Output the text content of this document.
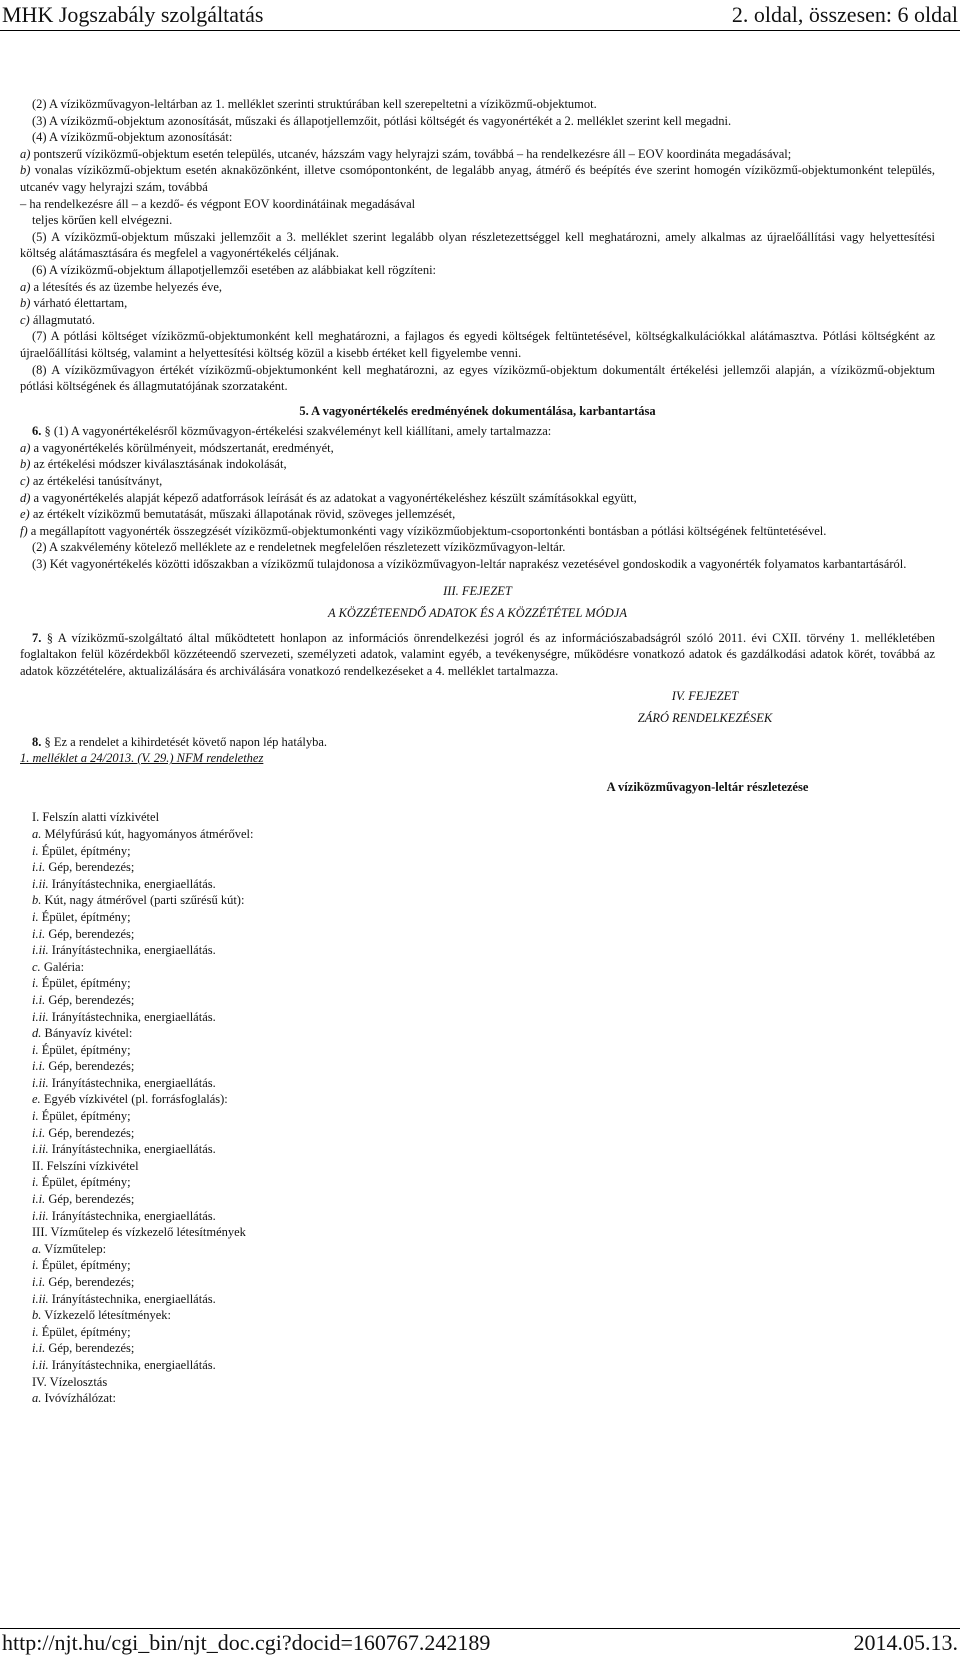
MHK Jogszabály szolgáltatás	2. oldal, összesen: 6 oldal

(2) A víziközművagyon-leltárban az 1. melléklet szerinti struktúrában kell szerepeltetni a víziközmű-objektumot.

(3) A víziközmű-objektum azonosítását, műszaki és állapotjellemzőit, pótlási költségét és vagyonértékét a 2. melléklet szerint kell megadni.

(4) A víziközmű-objektum azonosítását:

a) pontszerű víziközmű-objektum esetén település, utcanév, házszám vagy helyrajzi szám, továbbá – ha rendelkezésre áll – EOV koordináta megadásával;

b) vonalas víziközmű-objektum esetén aknaközönként, illetve csomópontonként, de legalább anyag, átmérő és beépítés éve szerint homogén víziközmű-objektumonként település, utcanév vagy helyrajzi szám, továbbá

– ha rendelkezésre áll – a kezdő- és végpont EOV koordinátáinak megadásával

teljes körűen kell elvégezni.

(5) A víziközmű-objektum műszaki jellemzőit a 3. melléklet szerint legalább olyan részletezettséggel kell meghatározni, amely alkalmas az újraelőállítási vagy helyettesítési költség alátámasztására és megfelel a vagyonértékelés céljának.

(6) A víziközmű-objektum állapotjellemzői esetében az alábbiakat kell rögzíteni:

a) a létesítés és az üzembe helyezés éve,

b) várható élettartam,

c) állagmutató.

(7) A pótlási költséget víziközmű-objektumonként kell meghatározni, a fajlagos és egyedi költségek feltüntetésével, költségkalkulációkkal alátámasztva. Pótlási költségként az újraelőállítási költség, valamint a helyettesítési költség közül a kisebb értéket kell figyelembe venni.

(8) A víziközművagyon értékét víziközmű-objektumonként kell meghatározni, az egyes víziközmű-objektum dokumentált értékelési jellemzői alapján, a víziközmű-objektum pótlási költségének és állagmutatójának szorzataként.

5. A vagyonértékelés eredményének dokumentálása, karbantartása

6. § (1) A vagyonértékelésről közművagyon-értékelési szakvéleményt kell kiállítani, amely tartalmazza:

a) a vagyonértékelés körülményeit, módszertanát, eredményét,

b) az értékelési módszer kiválasztásának indokolását,

c) az értékelési tanúsítványt,

d) a vagyonértékelés alapját képező adatforrások leírását és az adatokat a vagyonértékeléshez készült számításokkal együtt,

e) az értékelt víziközmű bemutatását, műszaki állapotának rövid, szöveges jellemzését,

f) a megállapított vagyonérték összegzését víziközmű-objektumonkénti vagy víziközműobjektum-csoportonkénti bontásban a pótlási költségének feltüntetésével.

(2) A szakvélemény kötelező melléklete az e rendeletnek megfelelően részletezett víziközművagyon-leltár.

(3) Két vagyonértékelés közötti időszakban a víziközmű tulajdonosa a víziközművagyon-leltár naprakész vezetésével gondoskodik a vagyonérték folyamatos karbantartásáról.

III. FEJEZET

A KÖZZÉTEENDŐ ADATOK ÉS A KÖZZÉTÉTEL MÓDJA

7. § A víziközmű-szolgáltató által működtetett honlapon az információs önrendelkezési jogról és az információszabadságról szóló 2011. évi CXII. törvény 1. mellékletében foglaltakon felül közérdekből közzéteendő szervezeti, személyzeti adatok, valamint egyéb, a tevékenységre, működésre vonatkozó adatok és gazdálkodási adatok körét, továbbá az adatok közzétételére, aktualizálására és archiválására vonatkozó rendelkezéseket a 4. melléklet tartalmazza.

8. § Ez a rendelet a kihirdetését követő napon lép hatályba.

1. melléklet a 24/2013. (V. 29.) NFM rendelethez

IV. FEJEZET

ZÁRÓ RENDELKEZÉSEK

A víziközművagyon-leltár részletezése

I. Felszín alatti vízkivétel

a. Mélyfúrású kút, hagyományos átmérővel:

i. Épület, építmény;

i.i. Gép, berendezés;

i.ii. Irányítástechnika, energiaellátás.

b. Kút, nagy átmérővel (parti szűrésű kút):

i. Épület, építmény;

i.i. Gép, berendezés;

i.ii. Irányítástechnika, energiaellátás.

c. Galéria:

i. Épület, építmény;

i.i. Gép, berendezés;

i.ii. Irányítástechnika, energiaellátás.

d. Bányavíz kivétel:

i. Épület, építmény;

i.i. Gép, berendezés;

i.ii. Irányítástechnika, energiaellátás.

e. Egyéb vízkivétel (pl. forrásfoglalás):

i. Épület, építmény;

i.i. Gép, berendezés;

i.ii. Irányítástechnika, energiaellátás.

II. Felszíni vízkivétel

i. Épület, építmény;

i.i. Gép, berendezés;

i.ii. Irányítástechnika, energiaellátás.

III. Vízműtelep és vízkezelő létesítmények

a. Vízműtelep:

i. Épület, építmény;

i.i. Gép, berendezés;

i.ii. Irányítástechnika, energiaellátás.

b. Vízkezelő létesítmények:

i. Épület, építmény;

i.i. Gép, berendezés;

i.ii. Irányítástechnika, energiaellátás.

IV. Vízelosztás

a. Ivóvízhálózat:

http://njt.hu/cgi_bin/njt_doc.cgi?docid=160767.242189	2014.05.13.
